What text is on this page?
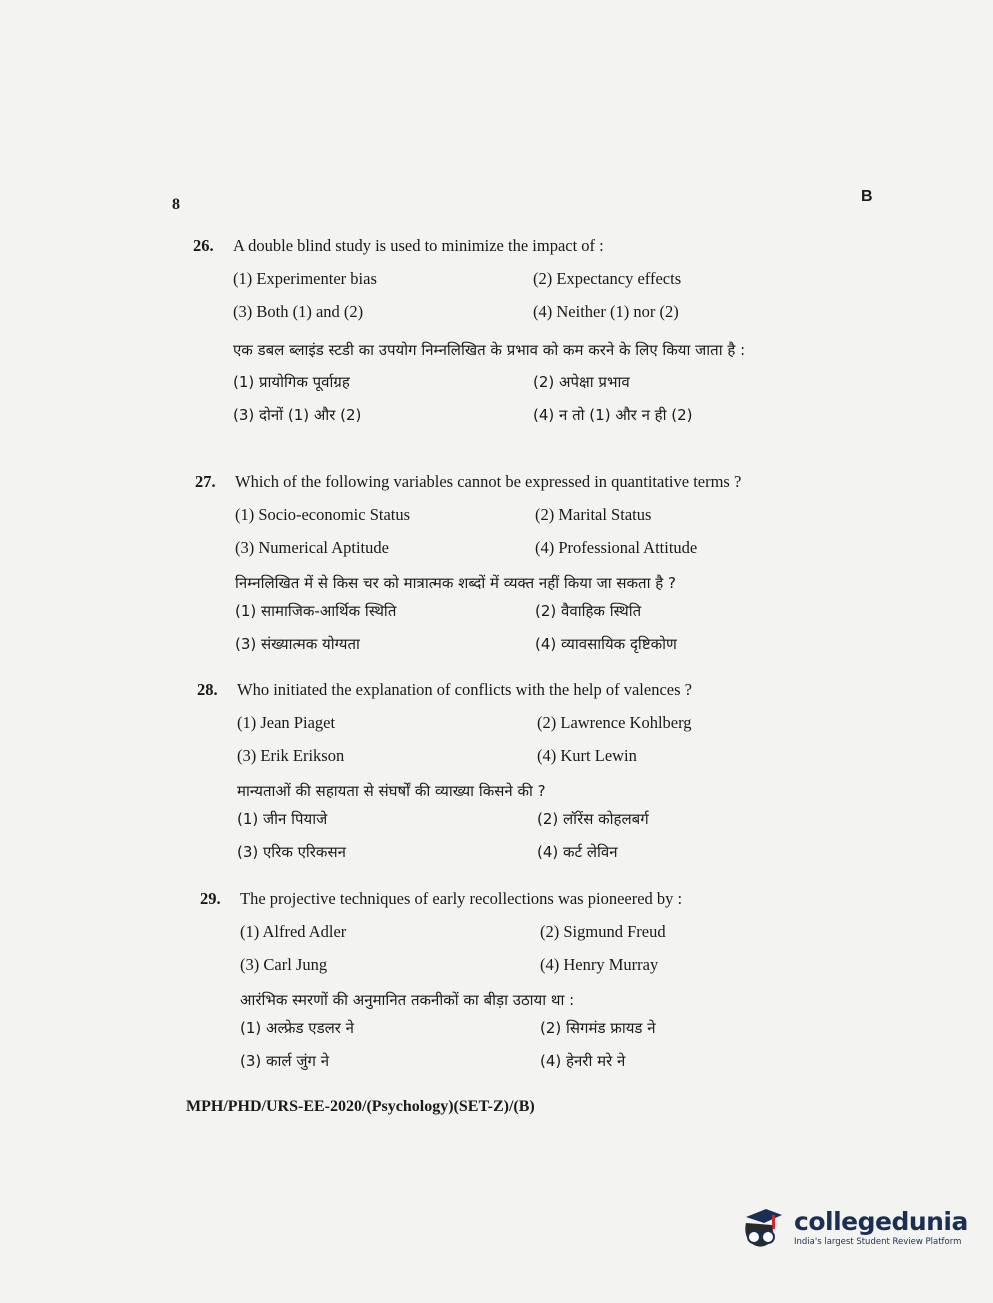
8	B
26.	A double blind study is used to minimize the impact of :
(1) Experimenter bias	(2) Expectancy effects
(3) Both (1) and (2)	(4) Neither (1) nor (2)
एक डबल ब्लाइंड स्टडी का उपयोग निम्नलिखित के प्रभाव को कम करने के लिए किया जाता है :
(1) प्रायोगिक पूर्वाग्रह	(2) अपेक्षा प्रभाव
(3) दोनों (1) और (2)	(4) न तो (1) और न ही (2)
27.	Which of the following variables cannot be expressed in quantitative terms ?
(1) Socio-economic Status	(2) Marital Status
(3) Numerical Aptitude	(4) Professional Attitude
निम्नलिखित में से किस चर को मात्रात्मक शब्दों में व्यक्त नहीं किया जा सकता है ?
(1) सामाजिक-आर्थिक स्थिति	(2) वैवाहिक स्थिति
(3) संख्यात्मक योग्यता	(4) व्यावसायिक दृष्टिकोण
28.	Who initiated the explanation of conflicts with the help of valences ?
(1) Jean Piaget	(2) Lawrence Kohlberg
(3) Erik Erikson	(4) Kurt Lewin
मान्यताओं की सहायता से संघर्षों की व्याख्या किसने की ?
(1) जीन पियाजे	(2) लॉरेंस कोहलबर्ग
(3) एरिक एरिकसन	(4) कर्ट लेविन
29.	The projective techniques of early recollections was pioneered by :
(1) Alfred Adler	(2) Sigmund Freud
(3) Carl Jung	(4) Henry Murray
आरंभिक स्मरणों की अनुमानित तकनीकों का बीड़ा उठाया था :
(1) अल्फ्रेड एडलर ने	(2) सिगमंड फ्रायड ने
(3) कार्ल जुंग ने	(4) हेनरी मरे ने
MPH/PHD/URS-EE-2020/(Psychology)(SET-Z)/(B)
collegedunia
India's largest Student Review Platform
